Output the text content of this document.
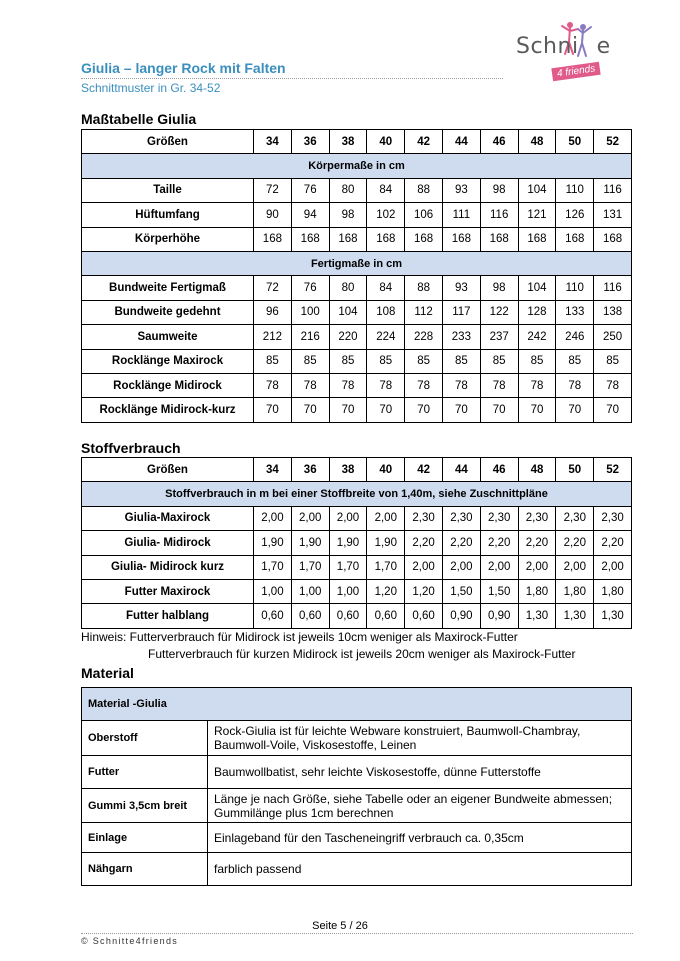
Giulia – langer Rock mit Falten
Schnittmuster in Gr. 34-52
Schni e
4 friends
Maßtabelle Giulia
Größen	34	36	38	40	42	44	46	48	50	52
Körpermaße in cm										
Taille	72	76	80	84	88	93	98	104	110	116
Hüftumfang	90	94	98	102	106	111	116	121	126	131
Körperhöhe	168	168	168	168	168	168	168	168	168	168
Fertigmaße in cm										
Bundweite Fertigmaß	72	76	80	84	88	93	98	104	110	116
Bundweite gedehnt	96	100	104	108	112	117	122	128	133	138
Saumweite	212	216	220	224	228	233	237	242	246	250
Rocklänge Maxirock	85	85	85	85	85	85	85	85	85	85
Rocklänge Midirock	78	78	78	78	78	78	78	78	78	78
Rocklänge Midirock-kurz	70	70	70	70	70	70	70	70	70	70
Stoffverbrauch
Größen	34	36	38	40	42	44	46	48	50	52
Stoffverbrauch in m bei einer Stoffbreite von 1,40m, siehe Zuschnittpläne										
Giulia-Maxirock	2,00	2,00	2,00	2,00	2,30	2,30	2,30	2,30	2,30	2,30
Giulia- Midirock	1,90	1,90	1,90	1,90	2,20	2,20	2,20	2,20	2,20	2,20
Giulia- Midirock kurz	1,70	1,70	1,70	1,70	2,00	2,00	2,00	2,00	2,00	2,00
Futter Maxirock	1,00	1,00	1,00	1,20	1,20	1,50	1,50	1,80	1,80	1,80
Futter halblang	0,60	0,60	0,60	0,60	0,60	0,90	0,90	1,30	1,30	1,30
Hinweis: Futterverbrauch für Midirock ist jeweils 10cm weniger als Maxirock-Futter
Futterverbrauch für kurzen Midirock ist jeweils 20cm weniger als Maxirock-Futter
Material
Material -Giulia	
Oberstoff	Rock-Giulia ist für leichte Webware konstruiert, Baumwoll-Chambray, Baumwoll-Voile, Viskosestoffe, Leinen
Futter	Baumwollbatist, sehr leichte Viskosestoffe, dünne Futterstoffe
Gummi 3,5cm breit	Länge je nach Größe, siehe Tabelle oder an eigener Bundweite abmessen; Gummilänge plus 1cm berechnen
Einlage	Einlageband für den Tascheneingriff verbrauch ca. 0,35cm
Nähgarn	farblich passend
Seite 5 / 26
© Schnitte4friends
